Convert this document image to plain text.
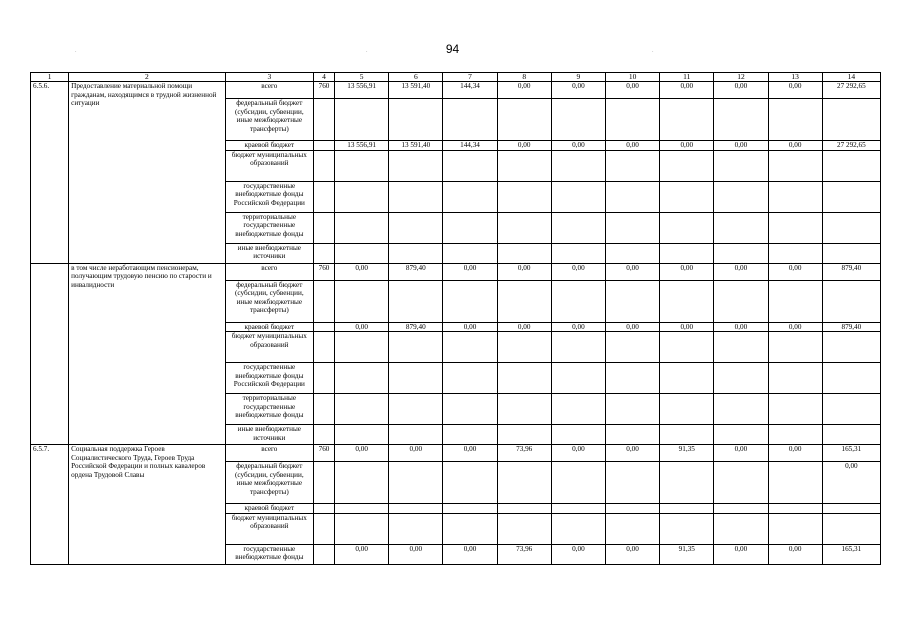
94
.	.	.
1	2	3	4	5	6	7	8	9	10	11	12	13	14
6.5.6.	Предоставление материальной помощи гражданам, находящимся в трудной жизненной ситуации	всего	760	13 556,91	13 591,40	144,34	0,00	0,00	0,00	0,00	0,00	0,00	27 292,65
		федеральный бюджет (субсидии, субвенции, иные межбюджетные трансферты)											
		краевой бюджет		13 556,91	13 591,40	144,34	0,00	0,00	0,00	0,00	0,00	0,00	27 292,65
		бюджет муниципальных образований											
		государственные внебюджетные фонды Российской Федерации											
		территориальные государственные внебюджетные фонды											
		иные внебюджетные источники											
	в том числе неработающим пенсионерам, получающим трудовую пенсию по старости и инвалидности	всего	760	0,00	879,40	0,00	0,00	0,00	0,00	0,00	0,00	0,00	879,40
		федеральный бюджет (субсидии, субвенции, иные межбюджетные трансферты)											
		краевой бюджет		0,00	879,40	0,00	0,00	0,00	0,00	0,00	0,00	0,00	879,40
		бюджет муниципальных образований											
		государственные внебюджетные фонды Российской Федерации											
		территориальные государственные внебюджетные фонды											
		иные внебюджетные источники											
6.5.7.	Социальная поддержка Героев Социалистического Труда, Героев Труда Российской Федерации и полных кавалеров ордена Трудовой Славы	всего	760	0,00	0,00	0,00	73,96	0,00	0,00	91,35	0,00	0,00	165,31
		федеральный бюджет (субсидии, субвенции, иные межбюджетные трансферты)											0,00
		краевой бюджет											
		бюджет муниципальных образований											
		государственные внебюджетные фонды		0,00	0,00	0,00	73,96	0,00	0,00	91,35	0,00	0,00	165,31
